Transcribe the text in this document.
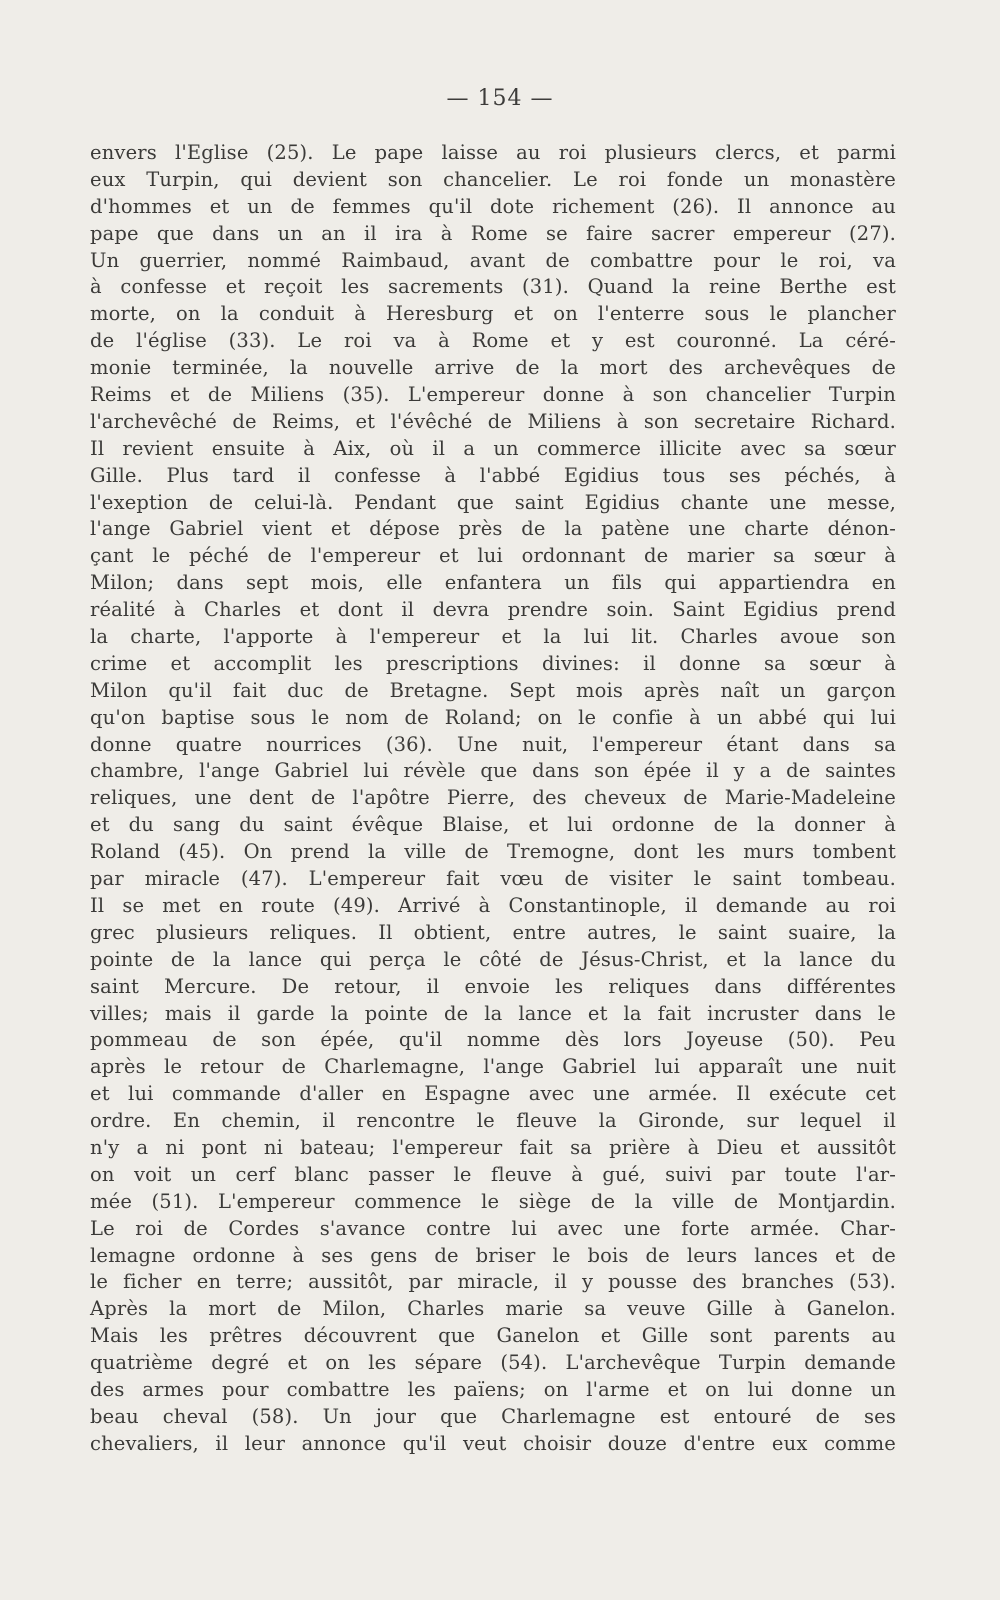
— 154 —
envers l'Eglise (25). Le pape laisse au roi plusieurs clercs, et parmi
eux Turpin, qui devient son chancelier. Le roi fonde un monastère
d'hommes et un de femmes qu'il dote richement (26). Il annonce au
pape que dans un an il ira à Rome se faire sacrer empereur (27).
Un guerrier, nommé Raimbaud, avant de combattre pour le roi, va
à confesse et reçoit les sacrements (31). Quand la reine Berthe est
morte, on la conduit à Heresburg et on l'enterre sous le plancher
de l'église (33). Le roi va à Rome et y est couronné. La céré-
monie terminée, la nouvelle arrive de la mort des archevêques de
Reims et de Miliens (35). L'empereur donne à son chancelier Turpin
l'archevêché de Reims, et l'évêché de Miliens à son secretaire Richard.
Il revient ensuite à Aix, où il a un commerce illicite avec sa sœur
Gille. Plus tard il confesse à l'abbé Egidius tous ses péchés, à
l'exeption de celui-là. Pendant que saint Egidius chante une messe,
l'ange Gabriel vient et dépose près de la patène une charte dénon-
çant le péché de l'empereur et lui ordonnant de marier sa sœur à
Milon; dans sept mois, elle enfantera un fils qui appartiendra en
réalité à Charles et dont il devra prendre soin. Saint Egidius prend
la charte, l'apporte à l'empereur et la lui lit. Charles avoue son
crime et accomplit les prescriptions divines: il donne sa sœur à
Milon qu'il fait duc de Bretagne. Sept mois après naît un garçon
qu'on baptise sous le nom de Roland; on le confie à un abbé qui lui
donne quatre nourrices (36). Une nuit, l'empereur étant dans sa
chambre, l'ange Gabriel lui révèle que dans son épée il y a de saintes
reliques, une dent de l'apôtre Pierre, des cheveux de Marie-Madeleine
et du sang du saint évêque Blaise, et lui ordonne de la donner à
Roland (45). On prend la ville de Tremogne, dont les murs tombent
par miracle (47). L'empereur fait vœu de visiter le saint tombeau.
Il se met en route (49). Arrivé à Constantinople, il demande au roi
grec plusieurs reliques. Il obtient, entre autres, le saint suaire, la
pointe de la lance qui perça le côté de Jésus-Christ, et la lance du
saint Mercure. De retour, il envoie les reliques dans différentes
villes; mais il garde la pointe de la lance et la fait incruster dans le
pommeau de son épée, qu'il nomme dès lors Joyeuse (50). Peu
après le retour de Charlemagne, l'ange Gabriel lui apparaît une nuit
et lui commande d'aller en Espagne avec une armée. Il exécute cet
ordre. En chemin, il rencontre le fleuve la Gironde, sur lequel il
n'y a ni pont ni bateau; l'empereur fait sa prière à Dieu et aussitôt
on voit un cerf blanc passer le fleuve à gué, suivi par toute l'ar-
mée (51). L'empereur commence le siège de la ville de Montjardin.
Le roi de Cordes s'avance contre lui avec une forte armée. Char-
lemagne ordonne à ses gens de briser le bois de leurs lances et de
le ficher en terre; aussitôt, par miracle, il y pousse des branches (53).
Après la mort de Milon, Charles marie sa veuve Gille à Ganelon.
Mais les prêtres découvrent que Ganelon et Gille sont parents au
quatrième degré et on les sépare (54). L'archevêque Turpin demande
des armes pour combattre les païens; on l'arme et on lui donne un
beau cheval (58). Un jour que Charlemagne est entouré de ses
chevaliers, il leur annonce qu'il veut choisir douze d'entre eux comme
